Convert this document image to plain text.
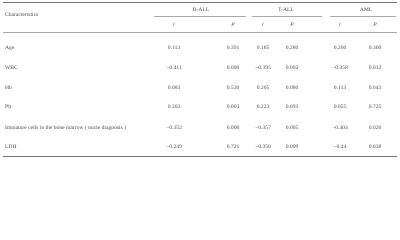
Characteristics
B-ALL	T-ALL	AML
r	P	r	P	r	P
Age	0.113	0.391	0.185	0.280	0.260	0.360
WBC	−0.411	0.000	−0.395	0.002	−0.358	0.012
Hb	0.083	0.530	0.205	0.080	0.113	0.643
Plt	0.303	0.003	0.223	0.093	0.055	0.725
Immature cells in the bone marrow ( nucle diagnosis )	−0.352	0.006	−0.357	0.005	−0.404	0.026
LDH	−0.249	0.721	−0.350	0.009	−0.44	0.038
